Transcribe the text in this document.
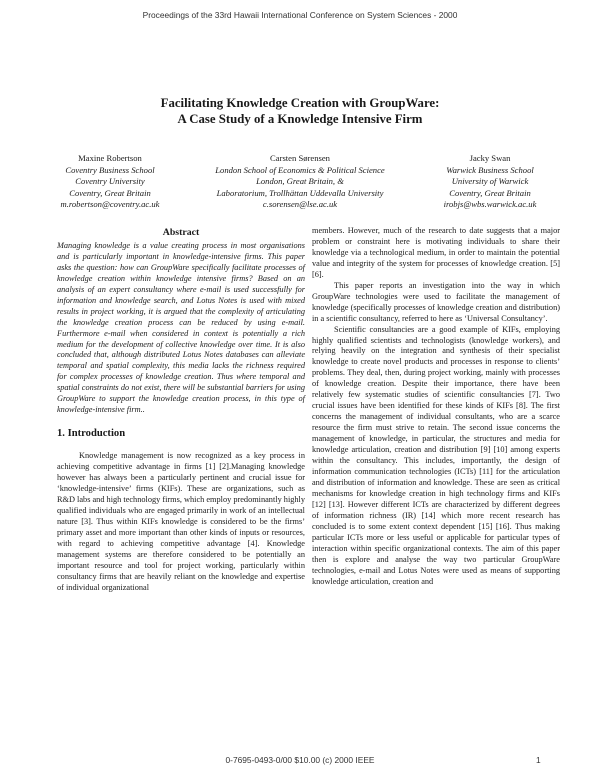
Proceedings of the 33rd Hawaii International Conference on System Sciences - 2000
Facilitating Knowledge Creation with GroupWare:
A Case Study of a Knowledge Intensive Firm
Maxine Robertson
Coventry Business School
Coventry University
Coventry, Great Britain
m.robertson@coventry.ac.uk
Carsten Sørensen
London School of Economics & Political Science
London, Great Britain, &
Laboratorium, Trollhättan Uddevalla University
c.sorensen@lse.ac.uk
Jacky Swan
Warwick Business School
University of Warwick
Coventry, Great Britain
irobjs@wbs.warwick.ac.uk
Abstract

Managing knowledge is a value creating process in most organisations and is particularly important in knowledge-intensive firms. This paper asks the question: how can GroupWare specifically facilitate processes of knowledge creation within knowledge intensive firms? Based on an analysis of an expert consultancy where e-mail is used successfully for information and knowledge search, and Lotus Notes is used with mixed results in project working, it is argued that the complexity of articulating the knowledge creation process can be reduced by using e-mail. Furthermore e-mail when considered in context is potentially a rich medium for the development of collective knowledge over time. It is also concluded that, although distributed Lotus Notes databases can alleviate temporal and spatial complexity, this media lacks the richness required for complex processes of knowledge creation. Thus where temporal and spatial constraints do not exist, there will be substantial barriers for using GroupWare to support the knowledge creation process, in this type of knowledge-intensive firm..

1. Introduction

Knowledge management is now recognized as a key process in achieving competitive advantage in firms [1] [2].Managing knowledge however has always been a particularly pertinent and crucial issue for ‘knowledge-intensive’ firms (KIFs). These are organizations, such as R&D labs and high technology firms, which employ predominantly highly qualified individuals who are engaged primarily in work of an intellectual nature [3]. Thus within KIFs knowledge is considered to be the firms’ primary asset and more important than other kinds of inputs or resources, with regard to achieving competitive advantage [4]. Knowledge management systems are therefore considered to be potentially an important resource and tool for project working, particularly within consultancy firms that are heavily reliant on the knowledge and expertise of individual organizational

members. However, much of the research to date suggests that a major problem or constraint here is motivating individuals to share their knowledge via a technological medium, in order to maintain the potential value and integrity of the system for processes of knowledge creation. [5] [6].

This paper reports an investigation into the way in which GroupWare technologies were used to facilitate the management of knowledge (specifically processes of knowledge creation and distribution) in a scientific consultancy, referred to here as ‘Universal Consultancy’.

Scientific consultancies are a good example of KIFs, employing highly qualified scientists and technologists (knowledge workers), and relying heavily on the integration and synthesis of their specialist knowledge to create novel products and processes in response to clients’ problems. They deal, then, during project working, mainly with processes of knowledge creation. Despite their importance, there have been relatively few systematic studies of scientific consultancies [7]. Two crucial issues have been identified for these kinds of KIFs [8]. The first concerns the management of individual consultants, who are a scarce resource the firm must strive to retain. The second issue concerns the management of knowledge, in particular, the structures and media for knowledge articulation, creation and distribution [9] [10] among experts within the consultancy. This includes, importantly, the design of information communication technologies (ICTs) [11] for the articulation and distribution of information and knowledge. These are seen as critical mechanisms for knowledge creation in high technology firms and KIFs [12] [13]. However different ICTs are characterized by different degrees of information richness (IR) [14] which more recent research has concluded is to some extent context dependent [15] [16]. Thus making particular ICTs more or less useful or applicable for particular types of interaction within specific organizational contexts. The aim of this paper then is explore and analyse the way two particular GroupWare technologies, e-mail and Lotus Notes were used as means of supporting knowledge articulation, creation and

0-7695-0493-0/00 $10.00 (c) 2000 IEEE	1
